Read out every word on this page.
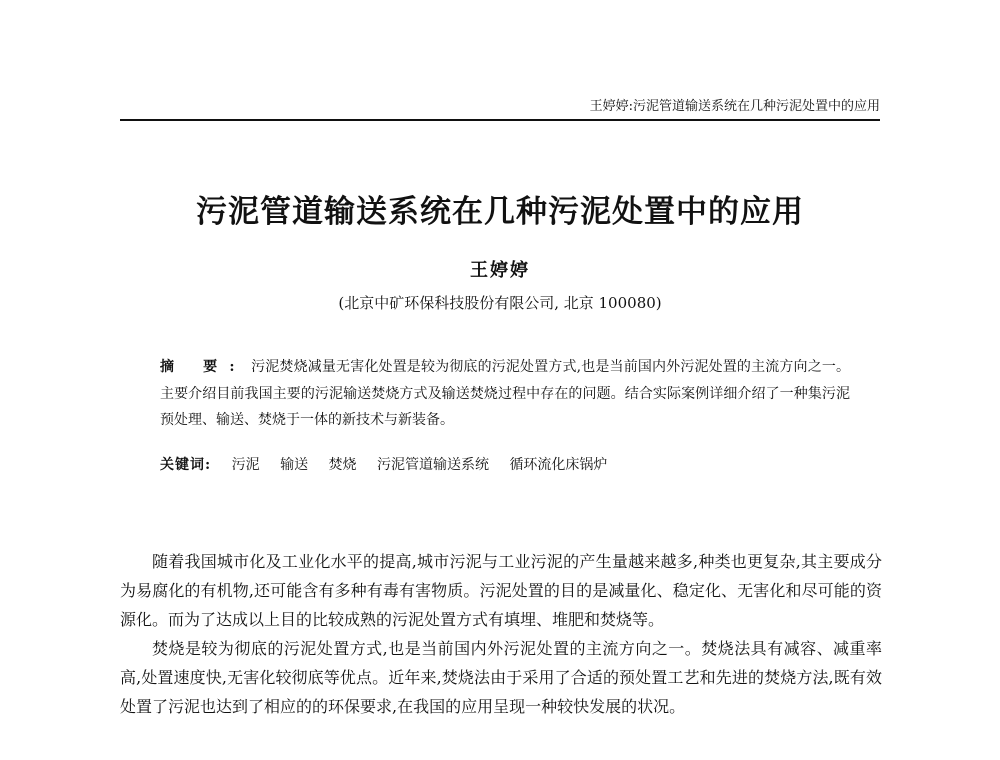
王婷婷:污泥管道输送系统在几种污泥处置中的应用
污泥管道输送系统在几种污泥处置中的应用
王婷婷
(北京中矿环保科技股份有限公司, 北京 100080)

摘 要: 污泥焚烧减量无害化处置是较为彻底的污泥处置方式,也是当前国内外污泥处置的主流方向之一。主要介绍目前我国主要的污泥输送焚烧方式及输送焚烧过程中存在的问题。结合实际案例详细介绍了一种集污泥预处理、输送、焚烧于一体的新技术与新装备。

关键词: 污泥 输送 焚烧 污泥管道输送系统 循环流化床锅炉

随着我国城市化及工业化水平的提高,城市污泥与工业污泥的产生量越来越多,种类也更复杂,其主要成分为易腐化的有机物,还可能含有多种有毒有害物质。污泥处置的目的是减量化、稳定化、无害化和尽可能的资源化。而为了达成以上目的比较成熟的污泥处置方式有填埋、堆肥和焚烧等。

焚烧是较为彻底的污泥处置方式,也是当前国内外污泥处置的主流方向之一。焚烧法具有减容、减重率高,处置速度快,无害化较彻底等优点。近年来,焚烧法由于采用了合适的预处置工艺和先进的焚烧方法,既有效处置了污泥也达到了相应的的环保要求,在我国的应用呈现一种较快发展的状况。
